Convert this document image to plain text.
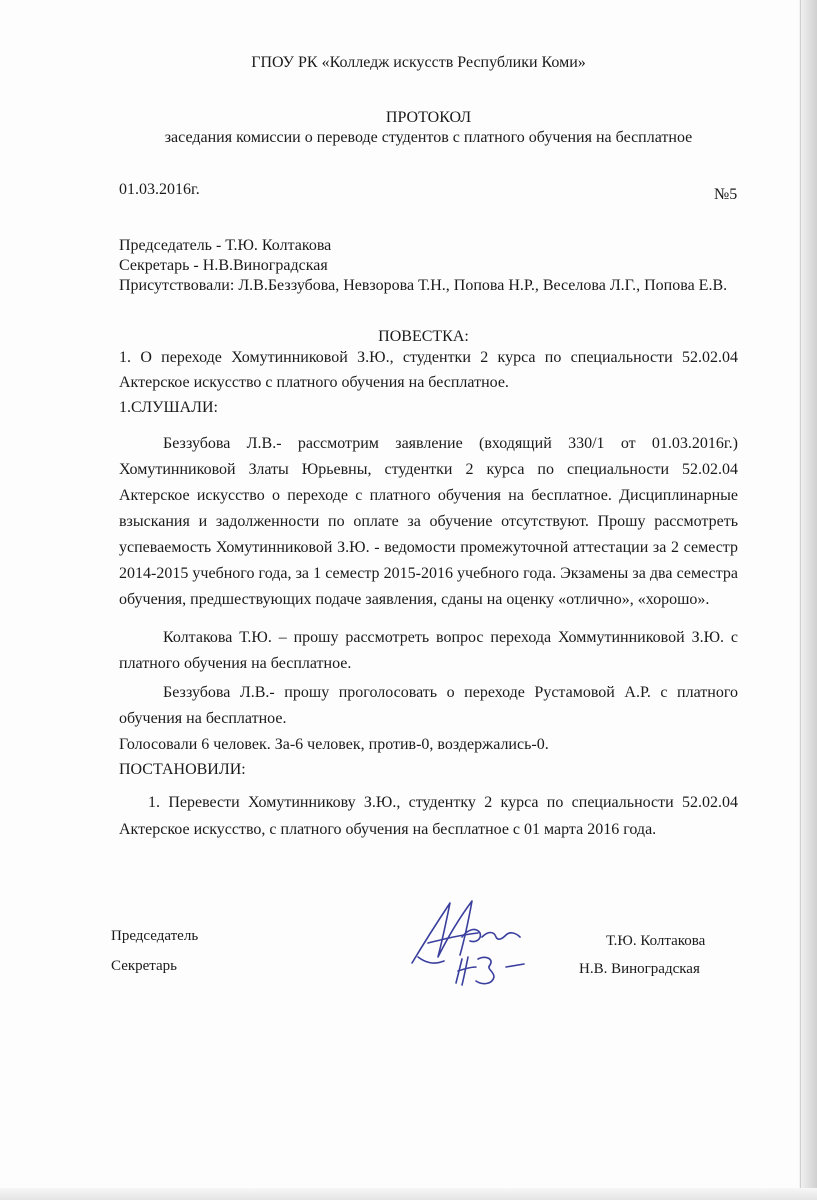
ГПОУ РК «Колледж искусств Республики Коми»
ПРОТОКОЛ
заседания комиссии о переводе студентов с платного обучения на бесплатное
01.03.2016г.	№5
Председатель - Т.Ю. Колтакова
Секретарь - Н.В.Виноградская
Присутствовали: Л.В.Беззубова, Невзорова Т.Н., Попова Н.Р., Веселова Л.Г., Попова Е.В.
ПОВЕСТКА:
1. О переходе Хомутинниковой З.Ю., студентки 2 курса по специальности 52.02.04
Актерское искусство с платного обучения на бесплатное.
1.СЛУШАЛИ:
Беззубова Л.В.- рассмотрим заявление (входящий 330/1 от 01.03.2016г.)
Хомутинниковой Златы Юрьевны, студентки 2 курса по специальности 52.02.04
Актерское искусство о переходе с платного обучения на бесплатное. Дисциплинарные
взыскания и задолженности по оплате за обучение отсутствуют. Прошу рассмотреть
успеваемость Хомутинниковой З.Ю. - ведомости промежуточной аттестации за 2 семестр
2014-2015 учебного года, за 1 семестр 2015-2016 учебного года. Экзамены за два семестра
обучения, предшествующих подаче заявления, сданы на оценку «отлично», «хорошо».
Колтакова Т.Ю. – прошу рассмотреть вопрос перехода Хоммутинниковой З.Ю. с
платного обучения на бесплатное.
Беззубова Л.В.- прошу проголосовать о переходе Рустамовой А.Р. с платного
обучения на бесплатное.
Голосовали 6 человек. За-6 человек, против-0, воздержались-0.
ПОСТАНОВИЛИ:
1. Перевести Хомутинникову З.Ю., студентку 2 курса по специальности 52.02.04
Актерское искусство, с платного обучения на бесплатное с 01 марта 2016 года.
Председатель
Секретарь
Т.Ю. Колтакова
Н.В. Виноградская
